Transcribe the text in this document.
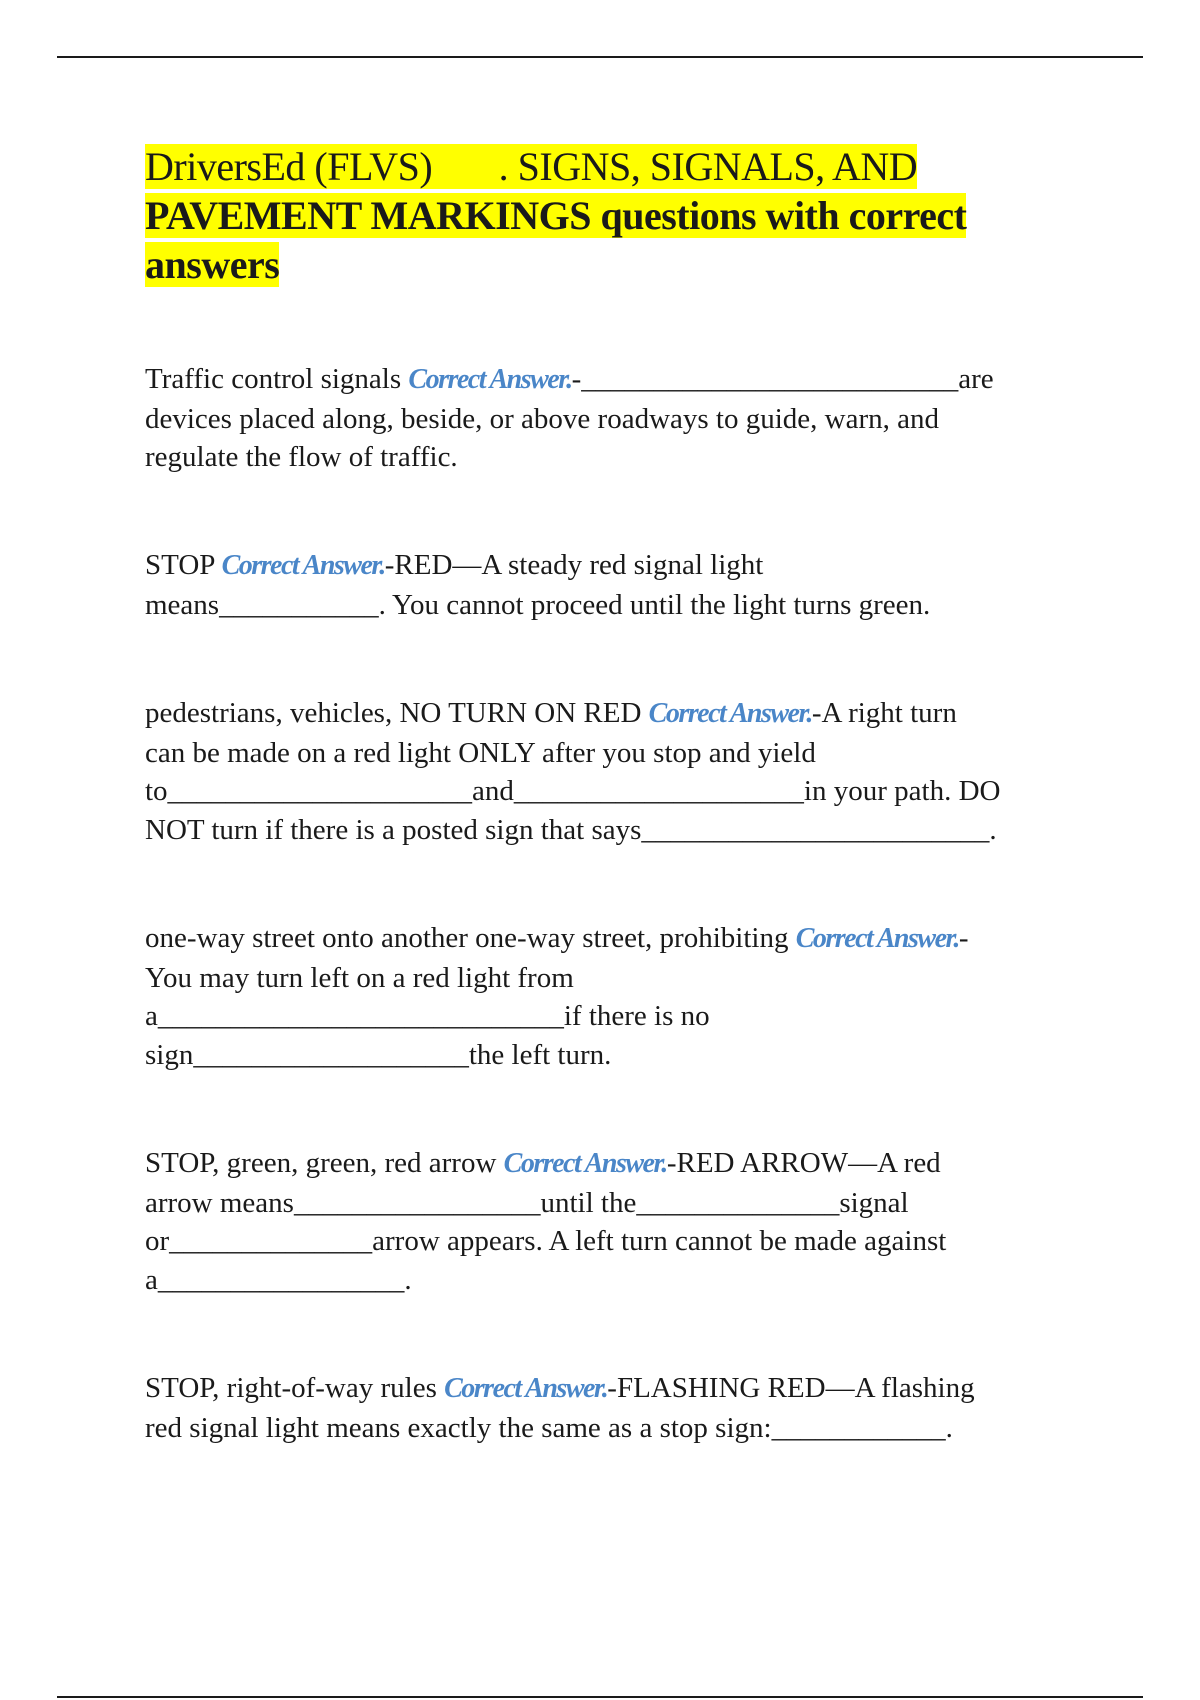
DriversEd (FLVS)       . SIGNS, SIGNALS, AND
PAVEMENT MARKINGS questions with correct answers

Traffic control signals Correct Answer.-__________________________are
devices placed along, beside, or above roadways to guide, warn, and
regulate the flow of traffic.

STOP Correct Answer.-RED—A steady red signal light
means___________. You cannot proceed until the light turns green.

pedestrians, vehicles, NO TURN ON RED Correct Answer.-A right turn
can be made on a red light ONLY after you stop and yield
to_____________________and____________________in your path. DO
NOT turn if there is a posted sign that says________________________.

one-way street onto another one-way street, prohibiting Correct Answer.-
You may turn left on a red light from
a____________________________if there is no
sign___________________the left turn.

STOP, green, green, red arrow Correct Answer.-RED ARROW—A red
arrow means_________________until the______________signal
or______________arrow appears. A left turn cannot be made against
a_________________.

STOP, right-of-way rules Correct Answer.-FLASHING RED—A flashing
red signal light means exactly the same as a stop sign:____________.
